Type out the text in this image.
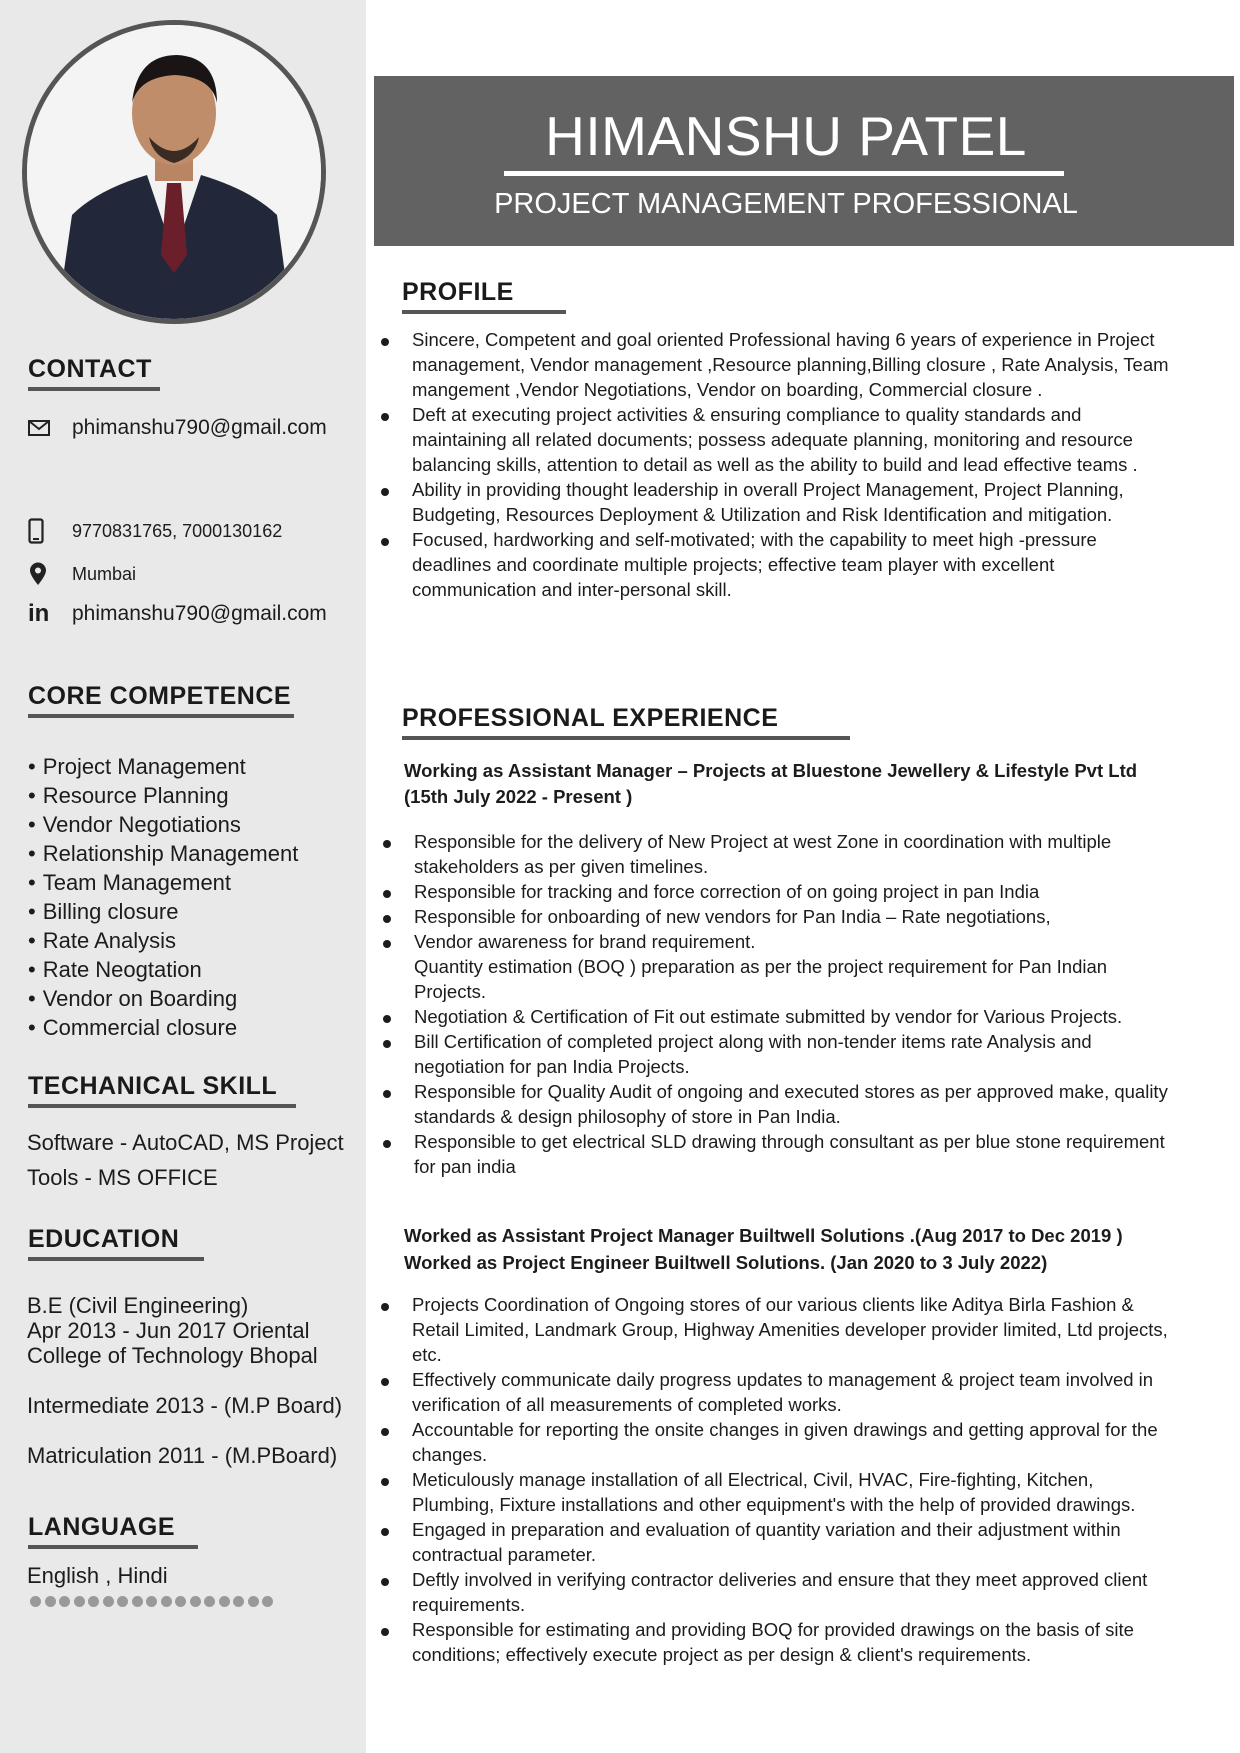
CONTACT
phimanshu790@gmail.com
9770831765, 7000130162
Mumbai
in	phimanshu790@gmail.com
CORE COMPETENCE
• Project Management
• Resource Planning
• Vendor Negotiations
• Relationship Management
• Team Management
• Billing closure
• Rate Analysis
• Rate Neogtation
• Vendor on Boarding
• Commercial closure
TECHANICAL SKILL
Software - AutoCAD, MS Project
Tools - MS OFFICE
EDUCATION
B.E (Civil Engineering)
Apr 2013 - Jun 2017 Oriental
College of Technology Bhopal
Intermediate 2013 - (M.P Board)
Matriculation 2011 - (M.PBoard)
LANGUAGE
English , Hindi
HIMANSHU PATEL
PROJECT MANAGEMENT PROFESSIONAL
PROFILE
Sincere, Competent and goal oriented Professional having 6 years of experience in Project management, Vendor management ,Resource planning,Billing closure , Rate Analysis, Team mangement ,Vendor Negotiations, Vendor on boarding, Commercial closure .
Deft at executing project activities & ensuring compliance to quality standards and maintaining all related documents; possess adequate planning, monitoring and resource balancing skills, attention to detail as well as the ability to build and lead effective teams .
Ability in providing thought leadership in overall Project Management, Project Planning, Budgeting, Resources Deployment & Utilization and Risk Identification and mitigation.
Focused, hardworking and self-motivated; with the capability to meet high -pressure deadlines and coordinate multiple projects; effective team player with excellent communication and inter-personal skill.
PROFESSIONAL EXPERIENCE
Working as Assistant Manager – Projects at Bluestone Jewellery & Lifestyle Pvt Ltd (15th July 2022 - Present )
Responsible for the delivery of New Project at west Zone in coordination with multiple stakeholders as per given timelines.
Responsible for tracking and force correction of on going project in pan India
Responsible for onboarding of new vendors for Pan India – Rate negotiations,
Vendor awareness for brand requirement.
Quantity estimation (BOQ ) preparation as per the project requirement for Pan Indian Projects.
Negotiation & Certification of Fit out estimate submitted by vendor for Various Projects.
Bill Certification of completed project along with non-tender items rate Analysis and negotiation for pan India Projects.
Responsible for Quality Audit of ongoing and executed stores as per approved make, quality standards & design philosophy of store in Pan India.
Responsible to get electrical SLD drawing through consultant as per blue stone requirement for pan india
Worked as Assistant Project Manager Builtwell Solutions .(Aug 2017 to Dec 2019 )
Worked as Project Engineer Builtwell Solutions. (Jan 2020 to 3 July 2022)
Projects Coordination of Ongoing stores of our various clients like Aditya Birla Fashion & Retail Limited, Landmark Group, Highway Amenities developer provider limited, Ltd projects, etc.
Effectively communicate daily progress updates to management & project team involved in verification of all measurements of completed works.
Accountable for reporting the onsite changes in given drawings and getting approval for the changes.
Meticulously manage installation of all Electrical, Civil, HVAC, Fire-fighting, Kitchen, Plumbing, Fixture installations and other equipment's with the help of provided drawings.
Engaged in preparation and evaluation of quantity variation and their adjustment within contractual parameter.
Deftly involved in verifying contractor deliveries and ensure that they meet approved client requirements.
Responsible for estimating and providing BOQ for provided drawings on the basis of site conditions; effectively execute project as per design & client's requirements.
